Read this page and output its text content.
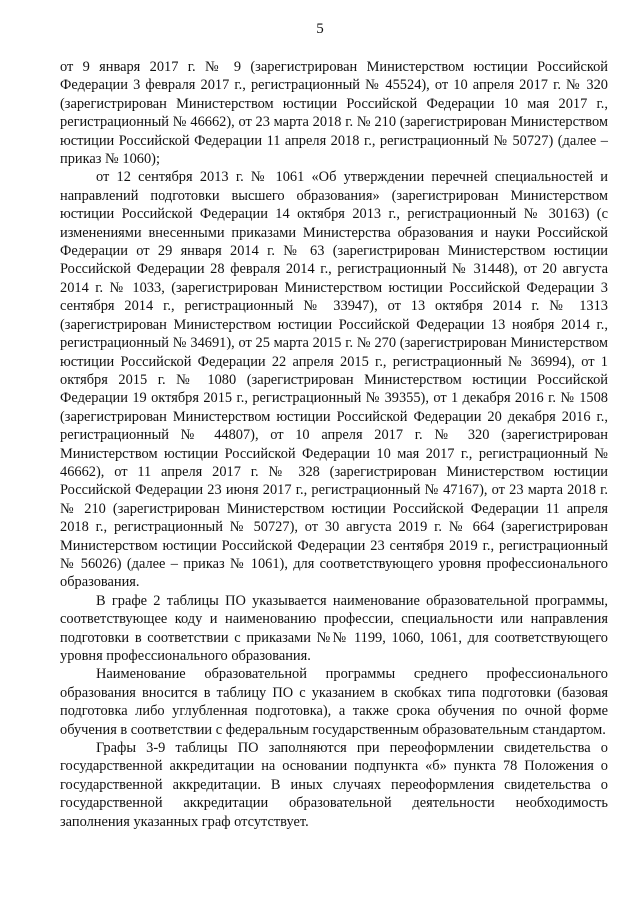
5

от 9 января 2017 г. № 9 (зарегистрирован Министерством юстиции Российской Федерации 3 февраля 2017 г., регистрационный № 45524), от 10 апреля 2017 г. № 320 (зарегистрирован Министерством юстиции Российской Федерации 10 мая 2017 г., регистрационный № 46662), от 23 марта 2018 г. № 210 (зарегистрирован Министерством юстиции Российской Федерации 11 апреля 2018 г., регистрационный № 50727) (далее – приказ № 1060);

от 12 сентября 2013 г. № 1061 «Об утверждении перечней специальностей и направлений подготовки высшего образования» (зарегистрирован Министерством юстиции Российской Федерации 14 октября 2013 г., регистрационный № 30163) (с изменениями внесенными приказами Министерства образования и науки Российской Федерации от 29 января 2014 г. № 63 (зарегистрирован Министерством юстиции Российской Федерации 28 февраля 2014 г., регистрационный № 31448), от 20 августа 2014 г. № 1033, (зарегистрирован Министерством юстиции Российской Федерации 3 сентября 2014 г., регистрационный № 33947), от 13 октября 2014 г. № 1313 (зарегистрирован Министерством юстиции Российской Федерации 13 ноября 2014 г., регистрационный № 34691), от 25 марта 2015 г. № 270 (зарегистрирован Министерством юстиции Российской Федерации 22 апреля 2015 г., регистрационный № 36994), от 1 октября 2015 г. № 1080 (зарегистрирован Министерством юстиции Российской Федерации 19 октября 2015 г., регистрационный № 39355), от 1 декабря 2016 г. № 1508 (зарегистрирован Министерством юстиции Российской Федерации 20 декабря 2016 г., регистрационный № 44807), от 10 апреля 2017 г. № 320 (зарегистрирован Министерством юстиции Российской Федерации 10 мая 2017 г., регистрационный № 46662), от 11 апреля 2017 г. № 328 (зарегистрирован Министерством юстиции Российской Федерации 23 июня 2017 г., регистрационный № 47167), от 23 марта 2018 г. № 210 (зарегистрирован Министерством юстиции Российской Федерации 11 апреля 2018 г., регистрационный № 50727), от 30 августа 2019 г. № 664 (зарегистрирован Министерством юстиции Российской Федерации 23 сентября 2019 г., регистрационный № 56026) (далее – приказ № 1061), для соответствующего уровня профессионального образования.

В графе 2 таблицы ПО указывается наименование образовательной программы, соответствующее коду и наименованию профессии, специальности или направления подготовки в соответствии с приказами №№ 1199, 1060, 1061, для соответствующего уровня профессионального образования.

Наименование образовательной программы среднего профессионального образования вносится в таблицу ПО с указанием в скобках типа подготовки (базовая подготовка либо углубленная подготовка), а также срока обучения по очной форме обучения в соответствии с федеральным государственным образовательным стандартом.

Графы 3-9 таблицы ПО заполняются при переоформлении свидетельства о государственной аккредитации на основании подпункта «б» пункта 78 Положения о государственной аккредитации. В иных случаях переоформления свидетельства о государственной аккредитации образовательной деятельности необходимость заполнения указанных граф отсутствует.
